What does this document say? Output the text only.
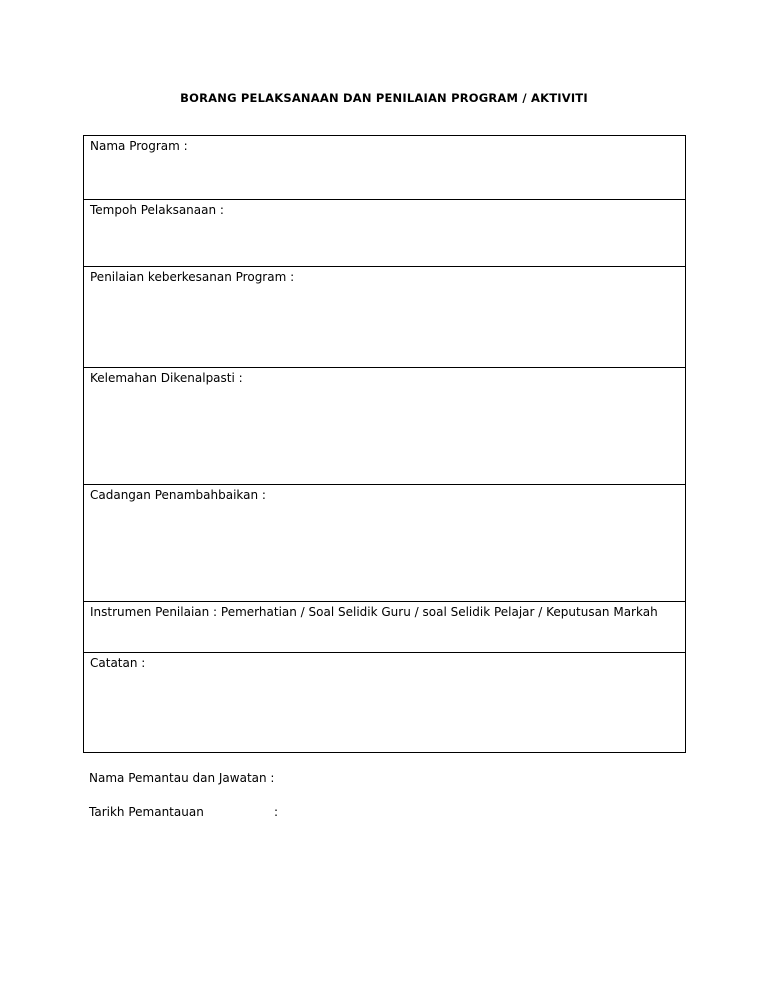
BORANG PELAKSANAAN DAN PENILAIAN PROGRAM / AKTIVITI
Nama Program :
Tempoh Pelaksanaan :
Penilaian keberkesanan Program :
Kelemahan Dikenalpasti :
Cadangan Penambahbaikan :
Instrumen Penilaian : Pemerhatian / Soal Selidik Guru / soal Selidik Pelajar / Keputusan Markah
Catatan :
Nama Pemantau dan Jawatan :
Tarikh Pemantauan	:
